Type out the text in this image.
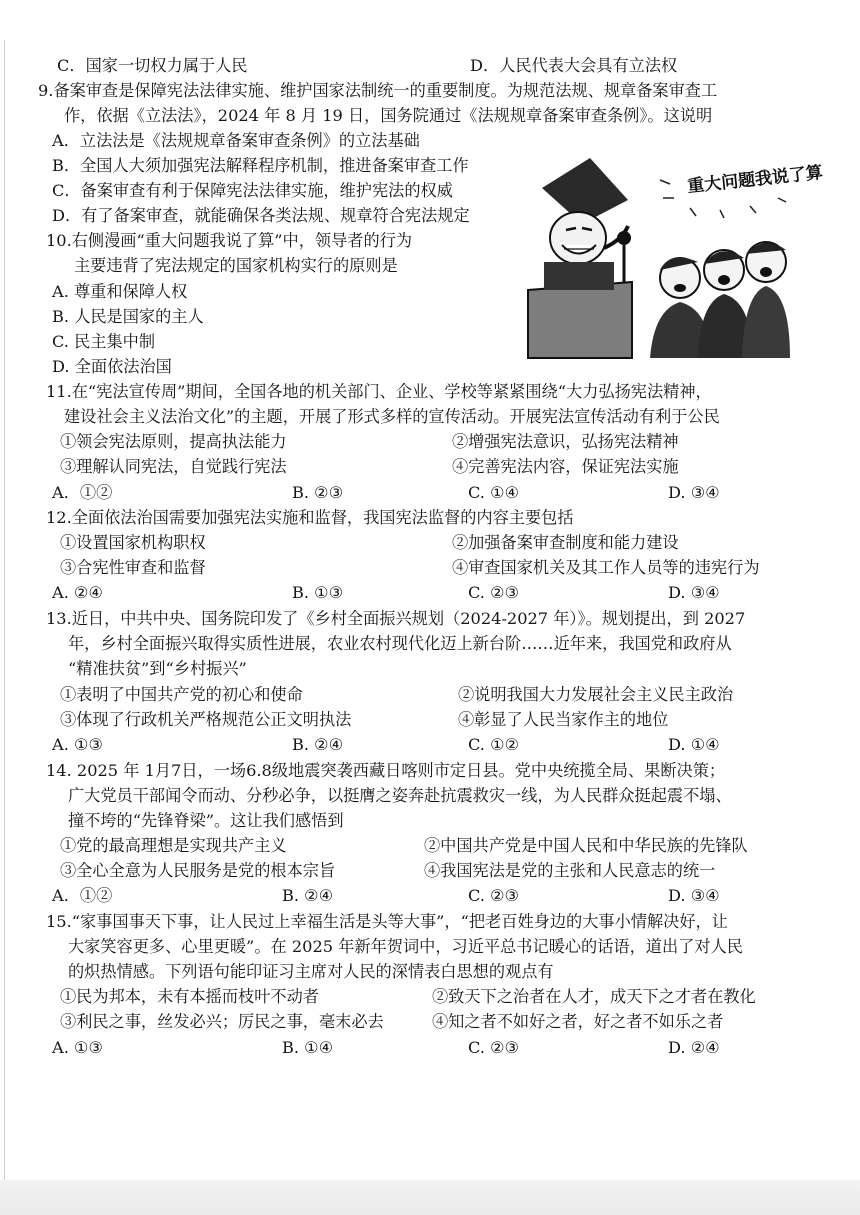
C．国家一切权力属于人民	D．人民代表大会具有立法权
9.备案审查是保障宪法法律实施、维护国家法制统一的重要制度。为规范法规、规章备案审查工
作，依据《立法法》，2024 年 8 月 19 日，国务院通过《法规规章备案审查条例》。这说明
A．立法法是《法规规章备案审查条例》的立法基础
B．全国人大须加强宪法解释程序机制，推进备案审查工作
C．备案审查有利于保障宪法法律实施，维护宪法的权威
D．有了备案审查，就能确保各类法规、规章符合宪法规定
重大问题我说了算
10.右侧漫画“重大问题我说了算”中，领导者的行为
主要违背了宪法规定的国家机构实行的原则是
A. 尊重和保障人权
B. 人民是国家的主人
C. 民主集中制
D. 全面依法治国
11.在“宪法宣传周”期间，全国各地的机关部门、企业、学校等紧紧围绕“大力弘扬宪法精神，
建设社会主义法治文化”的主题，开展了形式多样的宣传活动。开展宪法宣传活动有利于公民
①领会宪法原则，提高执法能力	②增强宪法意识，弘扬宪法精神
③理解认同宪法，自觉践行宪法	④完善宪法内容，保证宪法实施
A．①②	B. ②③	C. ①④	D. ③④
12.全面依法治国需要加强宪法实施和监督，我国宪法监督的内容主要包括
①设置国家机构职权	②加强备案审查制度和能力建设
③合宪性审查和监督	④审查国家机关及其工作人员等的违宪行为
A. ②④	B. ①③	C. ②③	D. ③④
13.近日，中共中央、国务院印发了《乡村全面振兴规划（2024-2027 年）》。规划提出，到 2027
年，乡村全面振兴取得实质性进展，农业农村现代化迈上新台阶……近年来，我国党和政府从
“精准扶贫”到“乡村振兴”
①表明了中国共产党的初心和使命	②说明我国大力发展社会主义民主政治
③体现了行政机关严格规范公正文明执法	④彰显了人民当家作主的地位
A. ①③	B. ②④	C. ①②	D. ①④
14. 2025 年 1月7日，一场6.8级地震突袭西藏日喀则市定日县。党中央统揽全局、果断决策；
广大党员干部闻令而动、分秒必争，以挺膺之姿奔赴抗震救灾一线，为人民群众挺起震不塌、
撞不垮的“先锋脊梁”。这让我们感悟到
①党的最高理想是实现共产主义	②中国共产党是中国人民和中华民族的先锋队
③全心全意为人民服务是党的根本宗旨	④我国宪法是党的主张和人民意志的统一
A．①②	B. ②④	C. ②③	D. ③④
15.“家事国事天下事，让人民过上幸福生活是头等大事”，“把老百姓身边的大事小情解决好，让
大家笑容更多、心里更暖”。在 2025 年新年贺词中，习近平总书记暖心的话语，道出了对人民
的炽热情感。下列语句能印证习主席对人民的深情表白思想的观点有
①民为邦本，未有本摇而枝叶不动者	②致天下之治者在人才，成天下之才者在教化
③利民之事，丝发必兴；厉民之事，毫末必去	④知之者不如好之者，好之者不如乐之者
A. ①③	B. ①④	C. ②③	D. ②④
